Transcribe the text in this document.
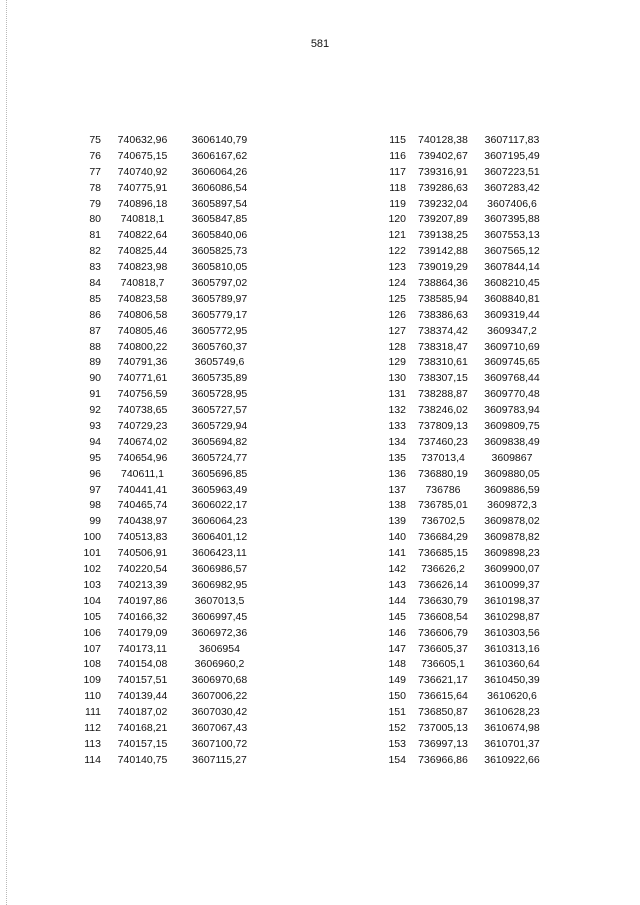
581
75	740632,96	3606140,79
76	740675,15	3606167,62
77	740740,92	3606064,26
78	740775,91	3606086,54
79	740896,18	3605897,54
80	740818,1	3605847,85
81	740822,64	3605840,06
82	740825,44	3605825,73
83	740823,98	3605810,05
84	740818,7	3605797,02
85	740823,58	3605789,97
86	740806,58	3605779,17
87	740805,46	3605772,95
88	740800,22	3605760,37
89	740791,36	3605749,6
90	740771,61	3605735,89
91	740756,59	3605728,95
92	740738,65	3605727,57
93	740729,23	3605729,94
94	740674,02	3605694,82
95	740654,96	3605724,77
96	740611,1	3605696,85
97	740441,41	3605963,49
98	740465,74	3606022,17
99	740438,97	3606064,23
100	740513,83	3606401,12
101	740506,91	3606423,11
102	740220,54	3606986,57
103	740213,39	3606982,95
104	740197,86	3607013,5
105	740166,32	3606997,45
106	740179,09	3606972,36
107	740173,11	3606954
108	740154,08	3606960,2
109	740157,51	3606970,68
110	740139,44	3607006,22
111	740187,02	3607030,42
112	740168,21	3607067,43
113	740157,15	3607100,72
114	740140,75	3607115,27
115	740128,38	3607117,83
116	739402,67	3607195,49
117	739316,91	3607223,51
118	739286,63	3607283,42
119	739232,04	3607406,6
120	739207,89	3607395,88
121	739138,25	3607553,13
122	739142,88	3607565,12
123	739019,29	3607844,14
124	738864,36	3608210,45
125	738585,94	3608840,81
126	738386,63	3609319,44
127	738374,42	3609347,2
128	738318,47	3609710,69
129	738310,61	3609745,65
130	738307,15	3609768,44
131	738288,87	3609770,48
132	738246,02	3609783,94
133	737809,13	3609809,75
134	737460,23	3609838,49
135	737013,4	3609867
136	736880,19	3609880,05
137	736786	3609886,59
138	736785,01	3609872,3
139	736702,5	3609878,02
140	736684,29	3609878,82
141	736685,15	3609898,23
142	736626,2	3609900,07
143	736626,14	3610099,37
144	736630,79	3610198,37
145	736608,54	3610298,87
146	736606,79	3610303,56
147	736605,37	3610313,16
148	736605,1	3610360,64
149	736621,17	3610450,39
150	736615,64	3610620,6
151	736850,87	3610628,23
152	737005,13	3610674,98
153	736997,13	3610701,37
154	736966,86	3610922,66
